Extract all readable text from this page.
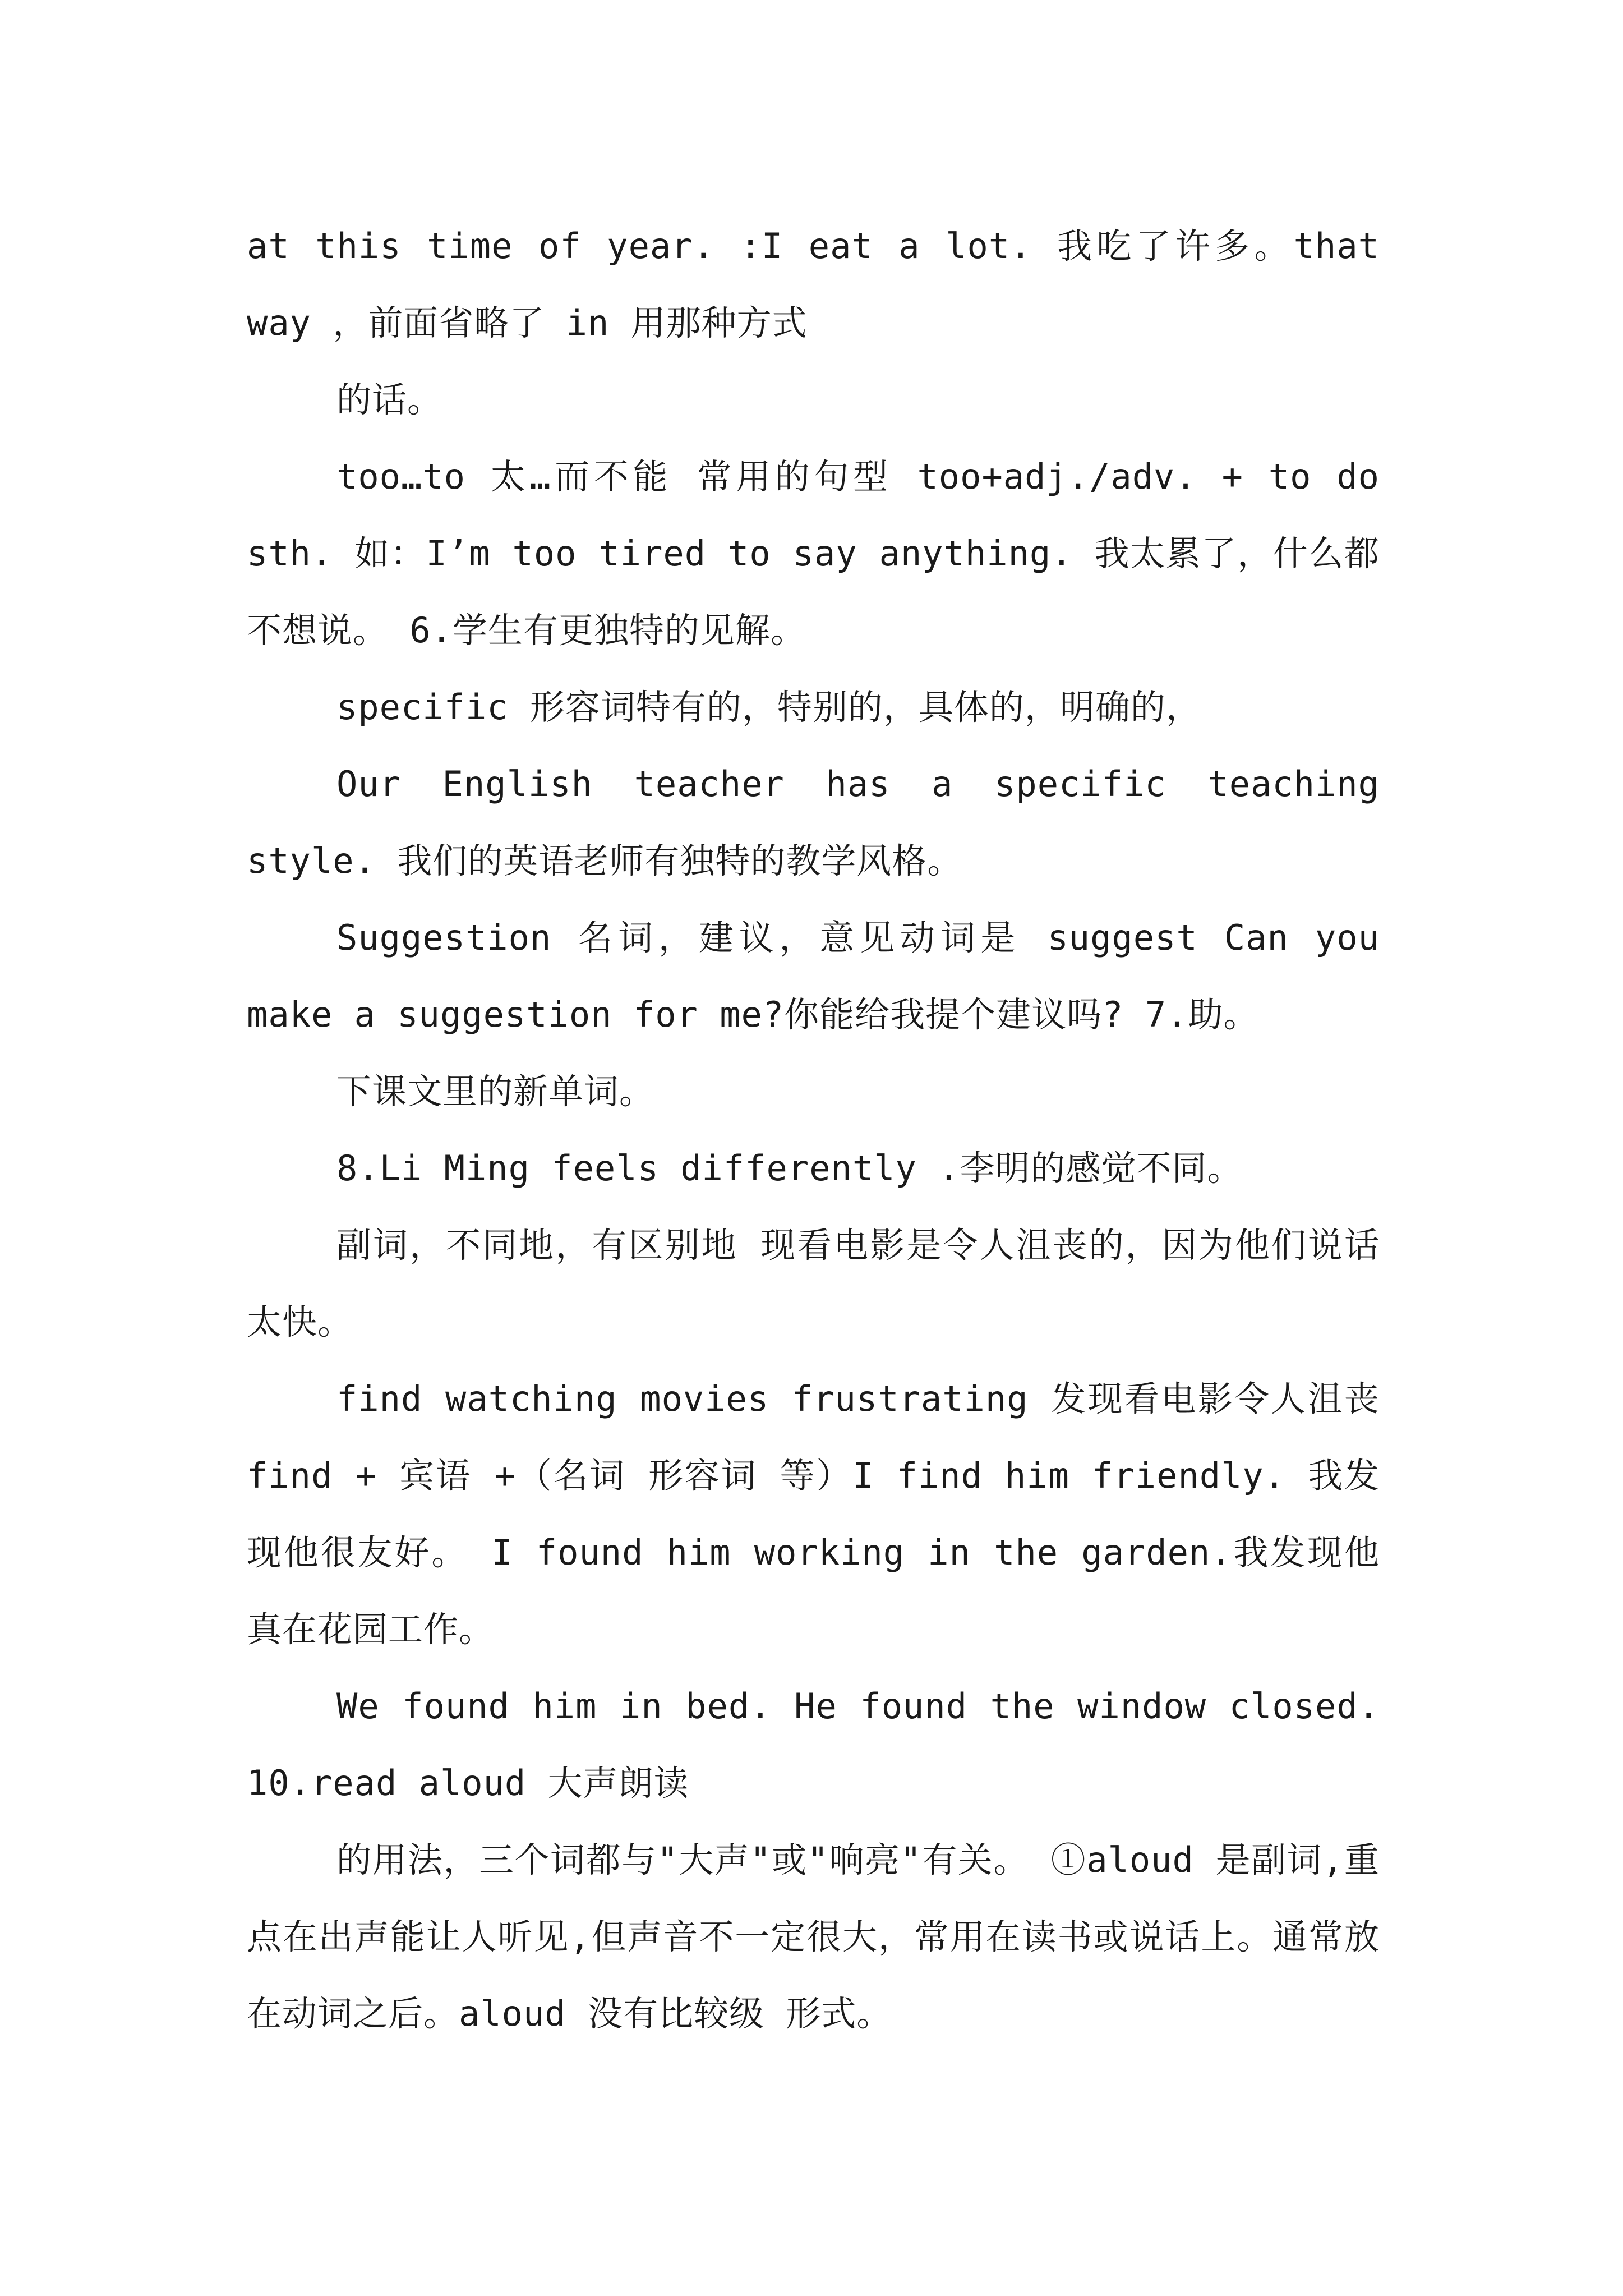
at this time of year. :I eat a lot. 我吃了许多。that way ，前面省略了 in 用那种方式

的话。

too…to 太…而不能 常用的句型 too+adj./adv. + to do sth. 如：I’m too tired to say anything. 我太累了，什么都不想说。 6.学生有更独特的见解。

specific 形容词特有的，特别的，具体的，明确的，

Our English teacher has a specific teaching style. 我们的英语老师有独特的教学风格。

Suggestion 名词，建议，意见动词是 suggest Can you make a suggestion for me?你能给我提个建议吗? 7.助。

下课文里的新单词。

8.Li Ming feels differently .李明的感觉不同。

副词，不同地，有区别地 现看电影是令人沮丧的，因为他们说话太快。

find watching movies frustrating 发现看电影令人沮丧 find + 宾语 +（名词 形容词 等）I find him friendly. 我发现他很友好。 I found him working in the garden.我发现他真在花园工作。

We found him in bed. He found the window closed. 10.read aloud 大声朗读

的用法，三个词都与"大声"或"响亮"有关。 ①aloud 是副词,重点在出声能让人听见,但声音不一定很大，常用在读书或说话上。通常放在动词之后。aloud 没有比较级 形式。
